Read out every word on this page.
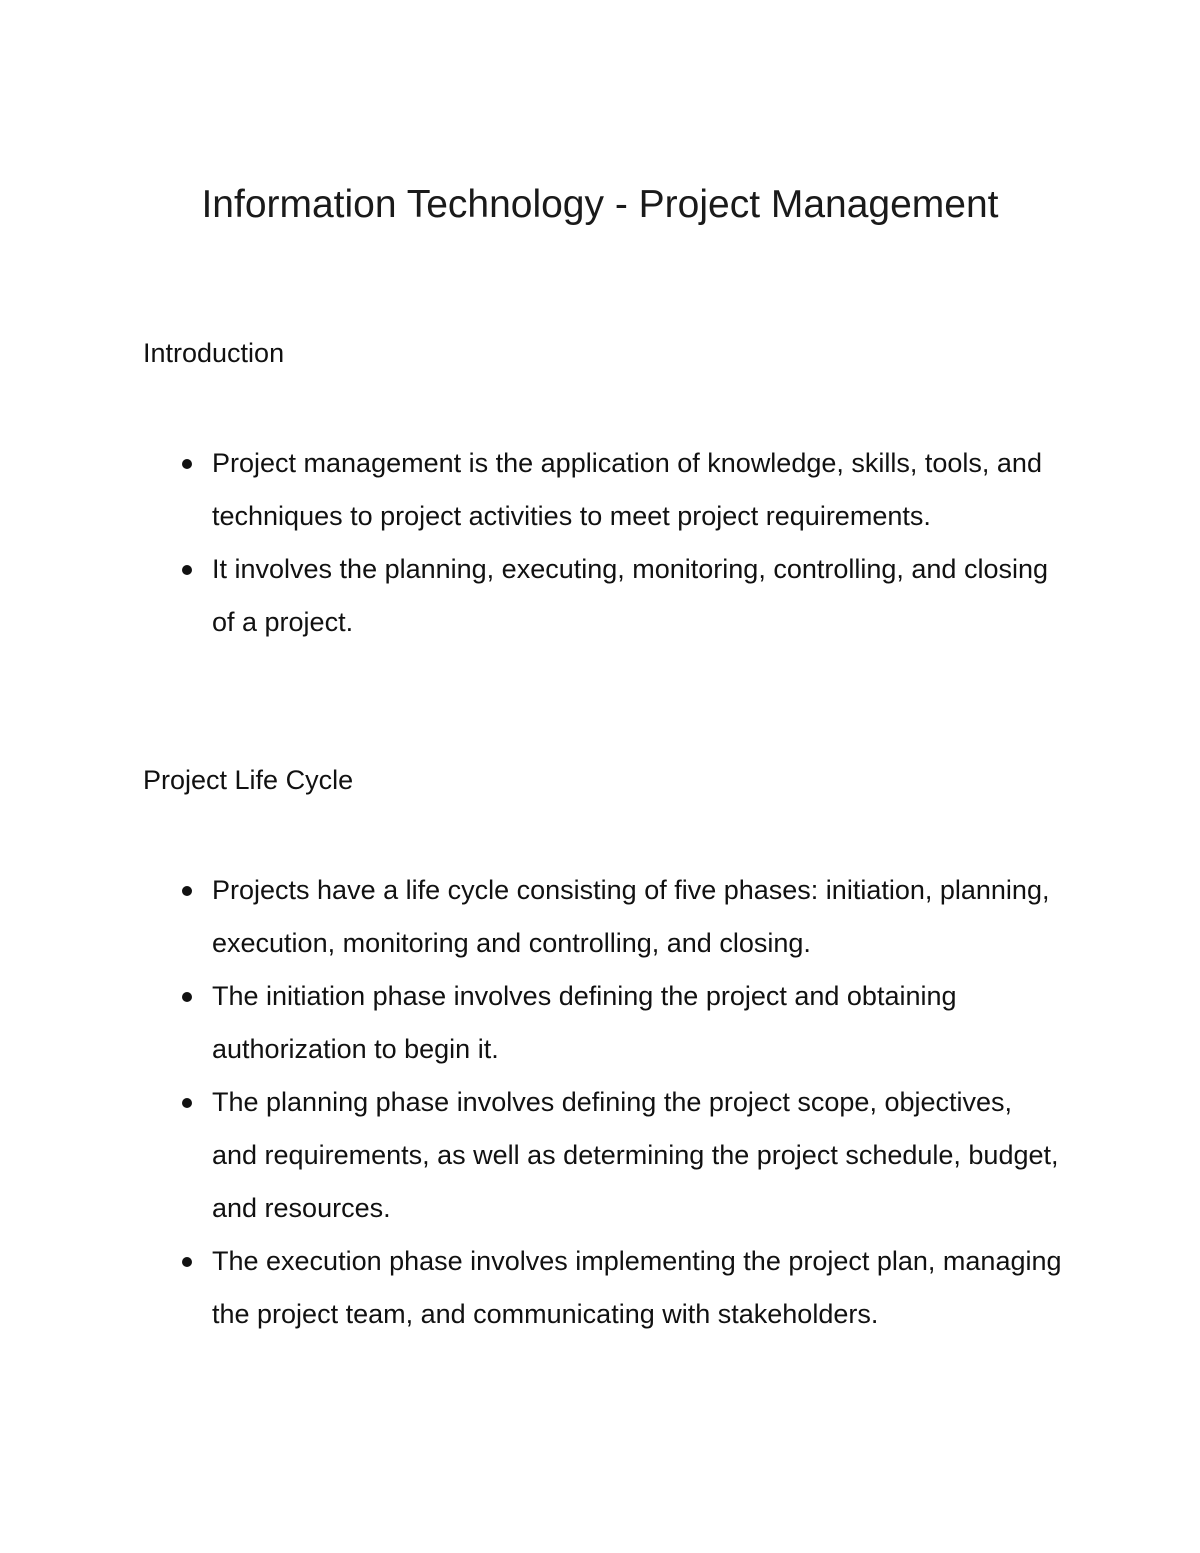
Information Technology - Project Management
Introduction
Project management is the application of knowledge, skills, tools, and techniques to project activities to meet project requirements.
It involves the planning, executing, monitoring, controlling, and closing of a project.
Project Life Cycle
Projects have a life cycle consisting of five phases: initiation, planning, execution, monitoring and controlling, and closing.
The initiation phase involves defining the project and obtaining authorization to begin it.
The planning phase involves defining the project scope, objectives, and requirements, as well as determining the project schedule, budget, and resources.
The execution phase involves implementing the project plan, managing the project team, and communicating with stakeholders.
